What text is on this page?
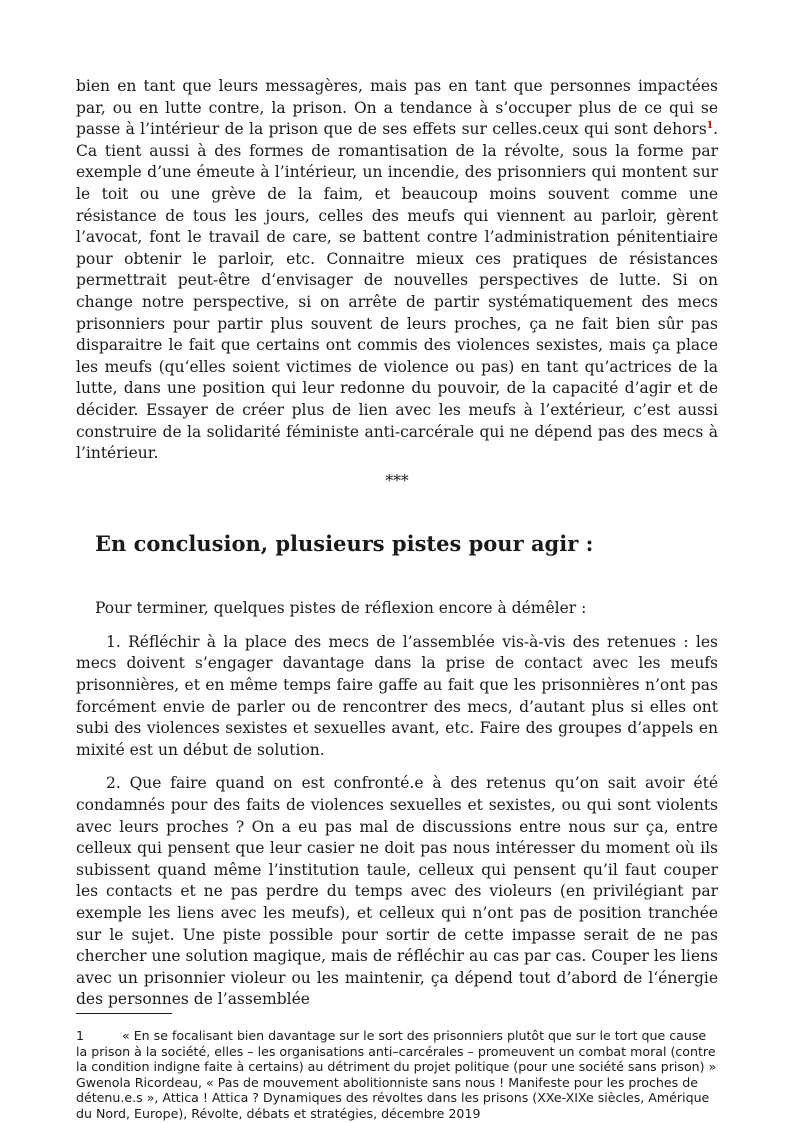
bien en tant que leurs messagères, mais pas en tant que personnes impactées par, ou en lutte contre, la prison. On a tendance à s’occuper plus de ce qui se passe à l’intérieur de la prison que de ses effets sur celles.ceux qui sont dehors$^1$. Ca tient aussi à des formes de romantisation de la révolte, sous la forme par exemple d’une émeute à l’intérieur, un incendie, des prisonniers qui montent sur le toit ou une grève de la faim, et beaucoup moins souvent comme une résistance de tous les jours, celles des meufs qui viennent au parloir, gèrent l’avocat, font le travail de care, se battent contre l’administration pénitentiaire pour obtenir le parloir, etc. Connaitre mieux ces pratiques de résistances permettrait peut-être d‘envisager de nouvelles perspectives de lutte. Si on change notre perspective, si on arrête de partir systématiquement des mecs prisonniers pour partir plus souvent de leurs proches, ça ne fait bien sûr pas disparaitre le fait que certains ont commis des violences sexistes, mais ça place les meufs (qu‘elles soient victimes de violence ou pas) en tant qu’actrices de la lutte, dans une position qui leur redonne du pouvoir, de la capacité d’agir et de décider. Essayer de créer plus de lien avec les meufs à l’extérieur, c’est aussi construire de la solidarité féministe anti-carcérale qui ne dépend pas des mecs à l’intérieur.

***
En conclusion, plusieurs pistes pour agir :

Pour terminer, quelques pistes de réflexion encore à démêler :

1. Réfléchir à la place des mecs de l’assemblée vis-à-vis des retenues : les mecs doivent s’engager davantage dans la prise de contact avec les meufs prisonnières, et en même temps faire gaffe au fait que les prisonnières n’ont pas forcément envie de parler ou de rencontrer des mecs, d’autant plus si elles ont subi des violences sexistes et sexuelles avant, etc. Faire des groupes d’appels en mixité est un début de solution.

2. Que faire quand on est confronté.e à des retenus qu’on sait avoir été condamnés pour des faits de violences sexuelles et sexistes, ou qui sont violents avec leurs proches ? On a eu pas mal de discussions entre nous sur ça, entre celleux qui pensent que leur casier ne doit pas nous intéresser du moment où ils subissent quand même l’institution taule, celleux qui pensent qu’il faut couper les contacts et ne pas perdre du temps avec des violeurs (en privilégiant par exemple les liens avec les meufs), et celleux qui n’ont pas de position tranchée sur le sujet. Une piste possible pour sortir de cette impasse serait de ne pas chercher une solution magique, mais de réfléchir au cas par cas. Couper les liens avec un prisonnier violeur ou les maintenir, ça dépend tout d’abord de l‘énergie des personnes de l’assemblée

1	« En se focalisant bien davantage sur le sort des prisonniers plutôt que sur le tort que cause la prison à la société, elles – les organisations anti–carcérales – promeuvent un combat moral (contre la condition indigne faite à certains) au détriment du projet politique (pour une société sans prison) » Gwenola Ricordeau, « Pas de mouvement abolitionniste sans nous ! Manifeste pour les proches de détenu.e.s », Attica ! Attica ? Dynamiques des révoltes dans les prisons (XXe-XIXe siècles, Amérique du Nord, Europe), Révolte, débats et stratégies, décembre 2019
